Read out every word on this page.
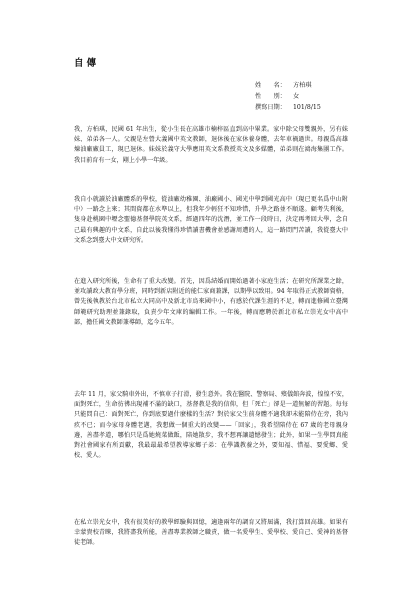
自傳
姓　　名： 方柏琪
性　　別： 女
撰寫日期： 101/8/15

我，方柏琪，民國 61 年出生，從小生長在高雄市楠梓區直到高中畢業。家中除父母雙親外，另有妹妹、弟弟各一人。父親是左營大義國中英文教師，退休後在家休養身體，去年車禍過世。母親爲高雄煉油廠廠員工，現已退休。妹妹於義守大學應用英文系教授英文及多媒體，弟弟則在鴻海集團工作。我目前育有一女，剛上小學一年級。

我自小就讀於油廠體系的學校，從油廠幼稚園、油廠國小、國光中學到國光高中（現已更名爲中山附中）一路念上來；其間資都在水準以上，但我年少輕狂不知珍惜，升學之路並不順遂。顧考失利後，隻身赴桃園中壢念聖德基督學院英文系，經過四年的沈潛，並工作一段時日，決定再考回大學，念自己最有興趣的中文系，自此以後我懂得珍惜讀書機會並感謝周遭的人，這一路問門苦讀，我從臺大中文系念到臺大中文研究所。

在進入研究所後，生命有了重大改變。首先，因爲結婚而開始過著小家庭生活；在研究所課業之餘，並攻讀政大教育學分班，同時到新店附近的能仁家商兼課，以期學以致用。94 年取得正式教師資格，曾先後執教於台北市私立大同高中及新北市烏來國中小，有感於代課生涯的不足，轉而進修國立臺灣師範研究助理並兼錄取，負責少年文庫的編輯工作。一年後，轉而應聘於新北市私立崇光女中高中部，擔任國文教師兼導師，迄今五年。

去年 11 月，家父騎車外出，不慎車子打滑，發生意外。我在醫院、警察局、殯儀館奔波，惶惶不安，面對死亡，生命彷彿出現補不滿的缺口，基督教是我的信仰，但「死亡」卻是一道無解的習題。每每只能問自己：面對死亡，你到底要過什麼樣的生活？對於家父生前身體不適我卻未能陪侍在旁，我內疚不已；而今家母身體老邁，我想做一個重大的改變——「回家」，我希望陪侍在 67 歲的老母親身邊，善盡孝道，哪怕只是爲她燒菜做飯，陪她散步，我不想再讓遺憾發生；此外，如果一生學問真能對社會國家有所貢獻，我最最最希望教導家鄉子弟：在學識教養之外，要知福、惜福、要愛鄉、愛校、愛人。

在私立崇光女中，我有很美好的教學經驗與回憶，適逢兩年的調育又將屆滿，我打算回高雄。如果有幸蒙貴校青睞，我將盡我所能，善盡專業教師之職責，做一名愛學生、愛學校、愛自己、愛神的基督徒老師。
